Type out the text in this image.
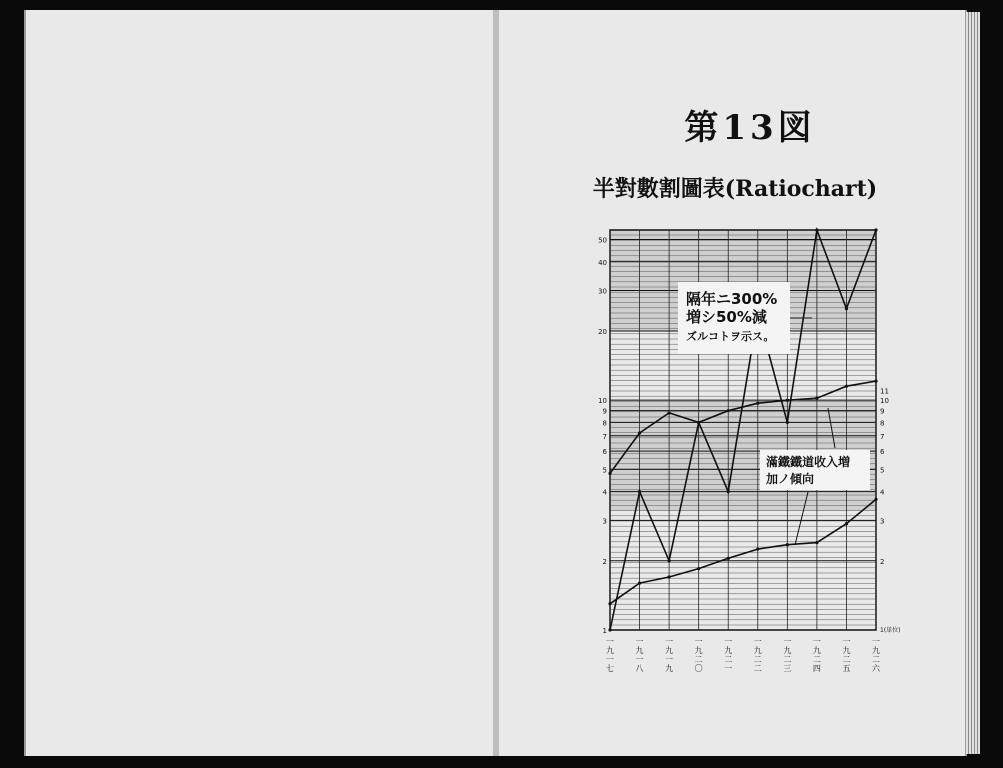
第13図
半對數割圖表(Ratiochart)
隔年ニ300%
増シ50%減
ズルコトヲ示ス。
滿鐵鐵道收入増
加ノ傾向
1
2
3
4
5
6
7
8
9
10
20
30
40
50
2
3
4
5
6
7
8
9
10
11
一
九
一
七
一
九
一
八
一
九
一
九
一
九
二
〇
一
九
二
一
一
九
二
二
一
九
二
三
一
九
二
四
一
九
二
五
一
九
二
六
1(単位)
